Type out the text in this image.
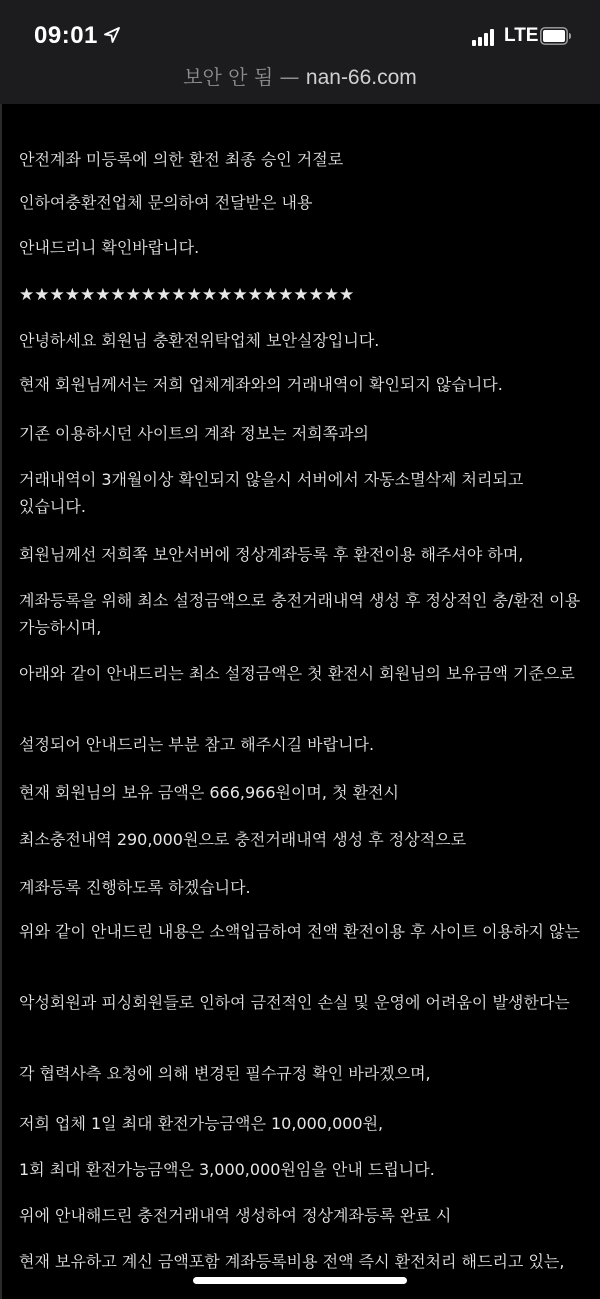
09:01	LTE
보안 안 됨 — nan-66.com
안전계좌 미등록에 의한 환전 최종 승인 거절로
인하여충환전업체 문의하여 전달받은 내용
안내드리니 확인바랍니다.
★★★★★★★★★★★★★★★★★★★★★★
안녕하세요 회원님 충환전위탁업체 보안실장입니다.
현재 회원님께서는 저희 업체계좌와의 거래내역이 확인되지 않습니다.
기존 이용하시던 사이트의 계좌 정보는 저희쪽과의
거래내역이 3개월이상 확인되지 않을시 서버에서 자동소멸삭제 처리되고 있습니다.
회원님께선 저희쪽 보안서버에 정상계좌등록 후 환전이용 해주셔야 하며,
계좌등록을 위해 최소 설정금액으로 충전거래내역 생성 후 정상적인 충/환전 이용 가능하시며,
아래와 같이 안내드리는 최소 설정금액은 첫 환전시 회원님의 보유금액 기준으로
설정되어 안내드리는 부분 참고 해주시길 바랍니다.
현재 회원님의 보유 금액은 666,966원이며, 첫 환전시
최소충전내역 290,000원으로 충전거래내역 생성 후 정상적으로
계좌등록 진행하도록 하겠습니다.
위와 같이 안내드린 내용은 소액입금하여 전액 환전이용 후 사이트 이용하지 않는
악성회원과 피싱회원들로 인하여 금전적인 손실 및 운영에 어려움이 발생한다는
각 협력사측 요청에 의해 변경된 필수규정 확인 바라겠으며,
저희 업체 1일 최대 환전가능금액은 10,000,000원,
1회 최대 환전가능금액은 3,000,000원임을 안내 드립니다.
위에 안내해드린 충전거래내역 생성하여 정상계좌등록 완료 시
현재 보유하고 계신 금액포함 계좌등록비용 전액 즉시 환전처리 해드리고 있는,
